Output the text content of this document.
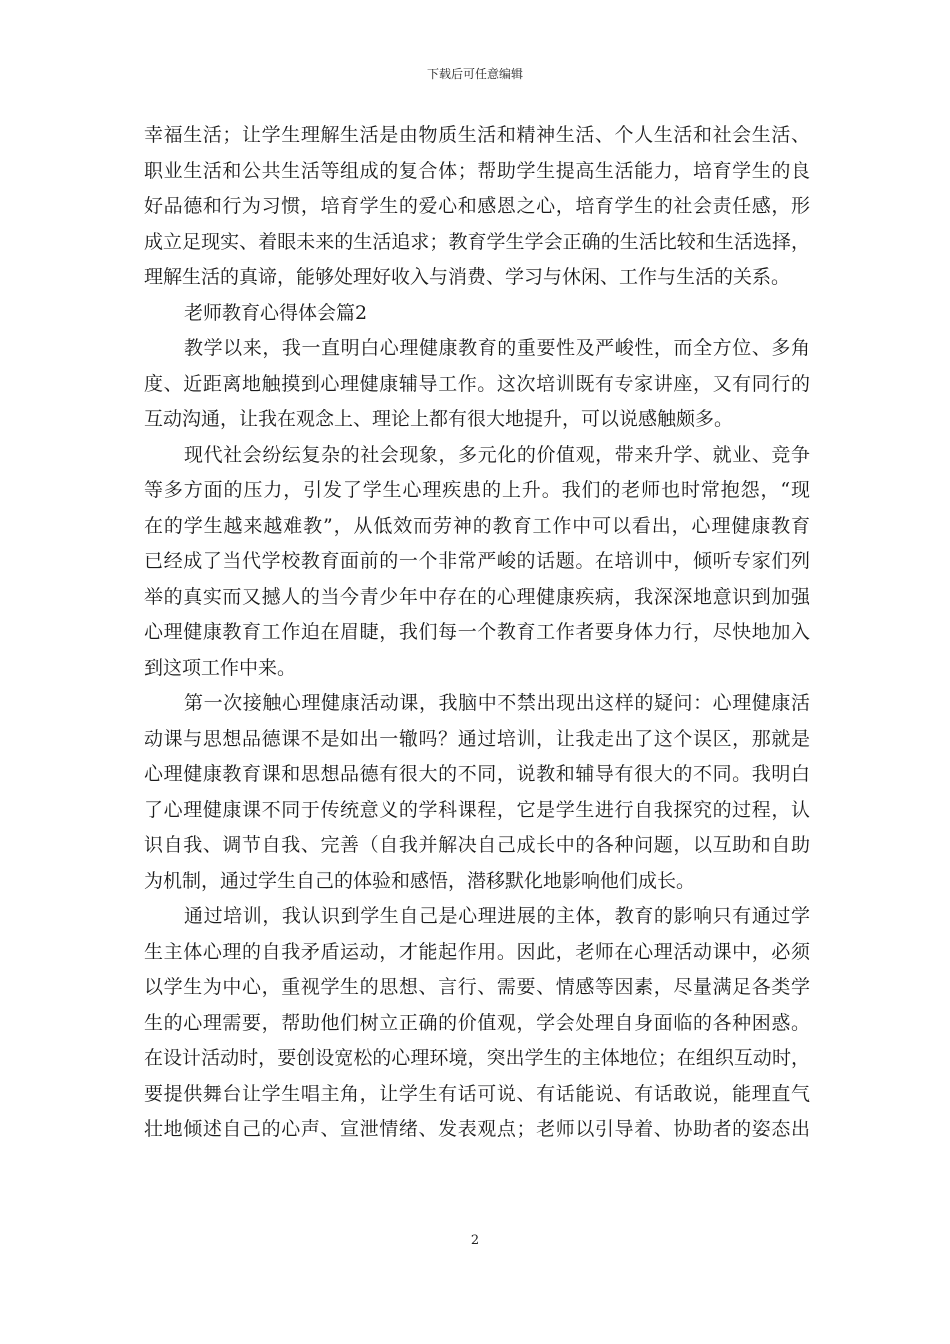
下载后可任意编辑
幸福生活；让学生理解生活是由物质生活和精神生活、个人生活和社会生活、
职业生活和公共生活等组成的复合体；帮助学生提高生活能力，培育学生的良
好品德和行为习惯，培育学生的爱心和感恩之心，培育学生的社会责任感，形
成立足现实、着眼未来的生活追求；教育学生学会正确的生活比较和生活选择，
理解生活的真谛，能够处理好收入与消费、学习与休闲、工作与生活的关系。
老师教育心得体会篇2
教学以来，我一直明白心理健康教育的重要性及严峻性，而全方位、多角
度、近距离地触摸到心理健康辅导工作。这次培训既有专家讲座，又有同行的
互动沟通，让我在观念上、理论上都有很大地提升，可以说感触颇多。
现代社会纷纭复杂的社会现象，多元化的价值观，带来升学、就业、竞争
等多方面的压力，引发了学生心理疾患的上升。我们的老师也时常抱怨，“现
在的学生越来越难教”，从低效而劳神的教育工作中可以看出，心理健康教育
已经成了当代学校教育面前的一个非常严峻的话题。在培训中，倾听专家们列
举的真实而又撼人的当今青少年中存在的心理健康疾病，我深深地意识到加强
心理健康教育工作迫在眉睫，我们每一个教育工作者要身体力行，尽快地加入
到这项工作中来。
第一次接触心理健康活动课，我脑中不禁出现出这样的疑问：心理健康活
动课与思想品德课不是如出一辙吗？通过培训，让我走出了这个误区，那就是
心理健康教育课和思想品德有很大的不同，说教和辅导有很大的不同。我明白
了心理健康课不同于传统意义的学科课程，它是学生进行自我探究的过程，认
识自我、调节自我、完善（自我并解决自己成长中的各种问题，以互助和自助
为机制，通过学生自己的体验和感悟，潜移默化地影响他们成长。
通过培训，我认识到学生自己是心理进展的主体，教育的影响只有通过学
生主体心理的自我矛盾运动，才能起作用。因此，老师在心理活动课中，必须
以学生为中心，重视学生的思想、言行、需要、情感等因素，尽量满足各类学
生的心理需要，帮助他们树立正确的价值观，学会处理自身面临的各种困惑。
在设计活动时，要创设宽松的心理环境，突出学生的主体地位；在组织互动时，
要提供舞台让学生唱主角，让学生有话可说、有话能说、有话敢说，能理直气
壮地倾述自己的心声、宣泄情绪、发表观点；老师以引导着、协助者的姿态出
2
